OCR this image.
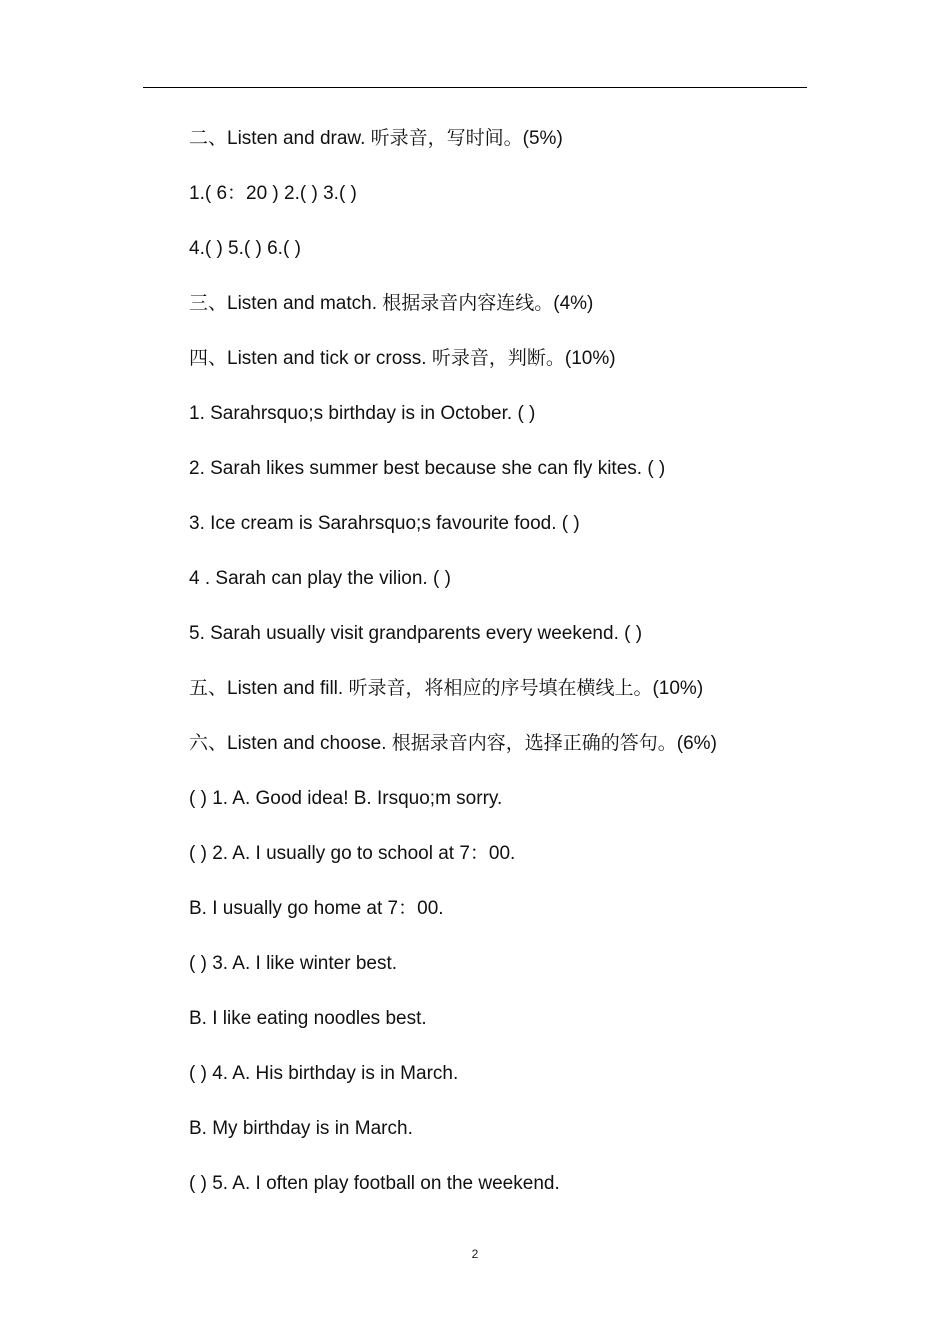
二、Listen and draw. 听录音，写时间。(5%)
1.( 6：20 ) 2.( ) 3.( )
4.( ) 5.( ) 6.( )
三、Listen and match. 根据录音内容连线。(4%)
四、Listen and tick or cross. 听录音，判断。(10%)
1. Sarahrsquo;s birthday is in October. ( )
2. Sarah likes summer best because she can fly kites. ( )
3. Ice cream is Sarahrsquo;s favourite food. ( )
4 . Sarah can play the vilion. ( )
5. Sarah usually visit grandparents every weekend. ( )
五、Listen and fill. 听录音，将相应的序号填在横线上。(10%)
六、Listen and choose. 根据录音内容，选择正确的答句。(6%)
( ) 1. A. Good idea! B. Irsquo;m sorry.
( ) 2. A. I usually go to school at 7：00.
B. I usually go home at 7：00.
( ) 3. A. I like winter best.
B. I like eating noodles best.
( ) 4. A. His birthday is in March.
B. My birthday is in March.
( ) 5. A. I often play football on the weekend.
2
